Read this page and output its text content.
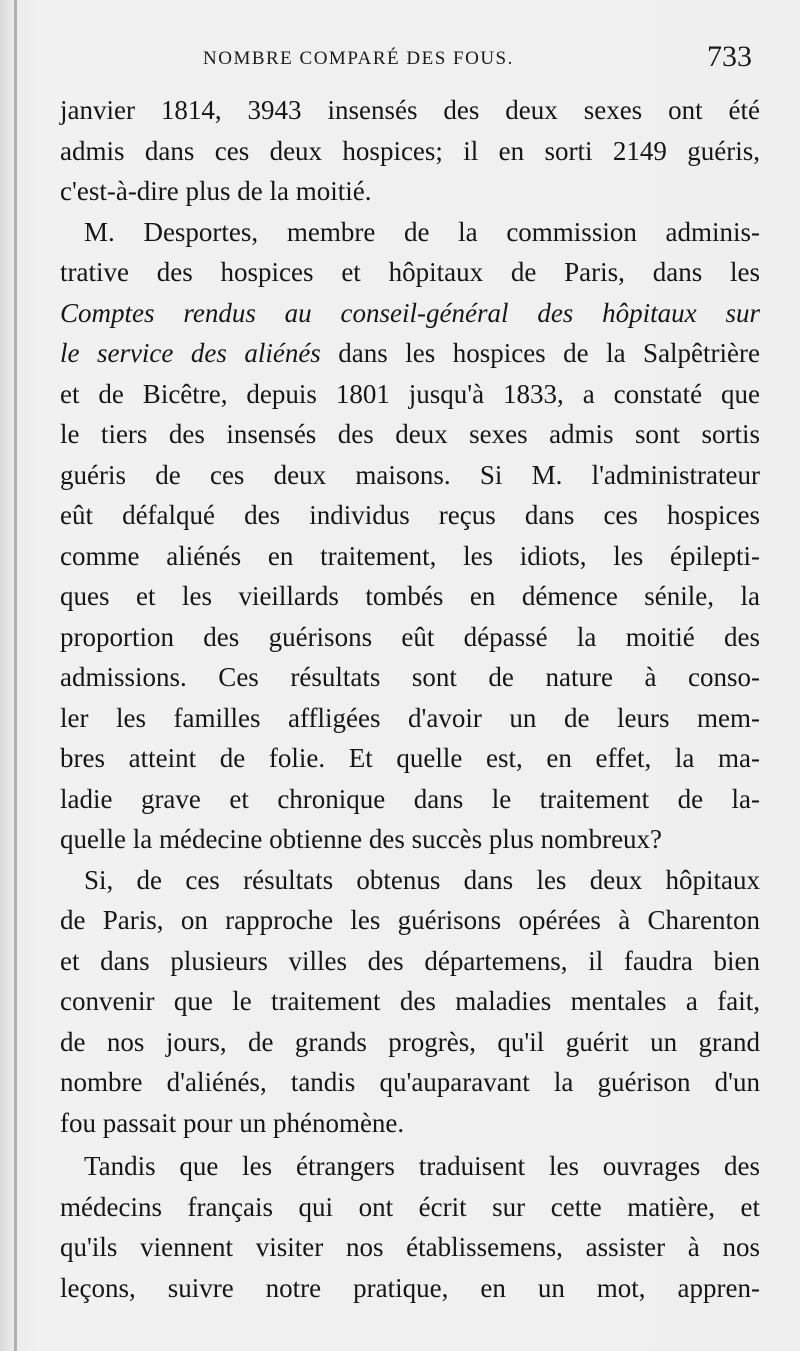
NOMBRE COMPARÉ DES FOUS.	733
janvier 1814, 3943 insensés des deux sexes ont été
admis dans ces deux hospices; il en sorti 2149 guéris,
c'est-à-dire plus de la moitié.
M. Desportes, membre de la commission adminis-
trative des hospices et hôpitaux de Paris, dans les
Comptes rendus au conseil-général des hôpitaux sur
le service des aliénés dans les hospices de la Salpêtrière
et de Bicêtre, depuis 1801 jusqu'à 1833, a constaté que
le tiers des insensés des deux sexes admis sont sortis
guéris de ces deux maisons. Si M. l'administrateur
eût défalqué des individus reçus dans ces hospices
comme aliénés en traitement, les idiots, les épilepti-
ques et les vieillards tombés en démence sénile, la
proportion des guérisons eût dépassé la moitié des
admissions. Ces résultats sont de nature à conso-
ler les familles affligées d'avoir un de leurs mem-
bres atteint de folie. Et quelle est, en effet, la ma-
ladie grave et chronique dans le traitement de la-
quelle la médecine obtienne des succès plus nombreux?
Si, de ces résultats obtenus dans les deux hôpitaux
de Paris, on rapproche les guérisons opérées à Charenton
et dans plusieurs villes des départemens, il faudra bien
convenir que le traitement des maladies mentales a fait,
de nos jours, de grands progrès, qu'il guérit un grand
nombre d'aliénés, tandis qu'auparavant la guérison d'un
fou passait pour un phénomène.
Tandis que les étrangers traduisent les ouvrages des
médecins français qui ont écrit sur cette matière, et
qu'ils viennent visiter nos établissemens, assister à nos
leçons, suivre notre pratique, en un mot, appren-
